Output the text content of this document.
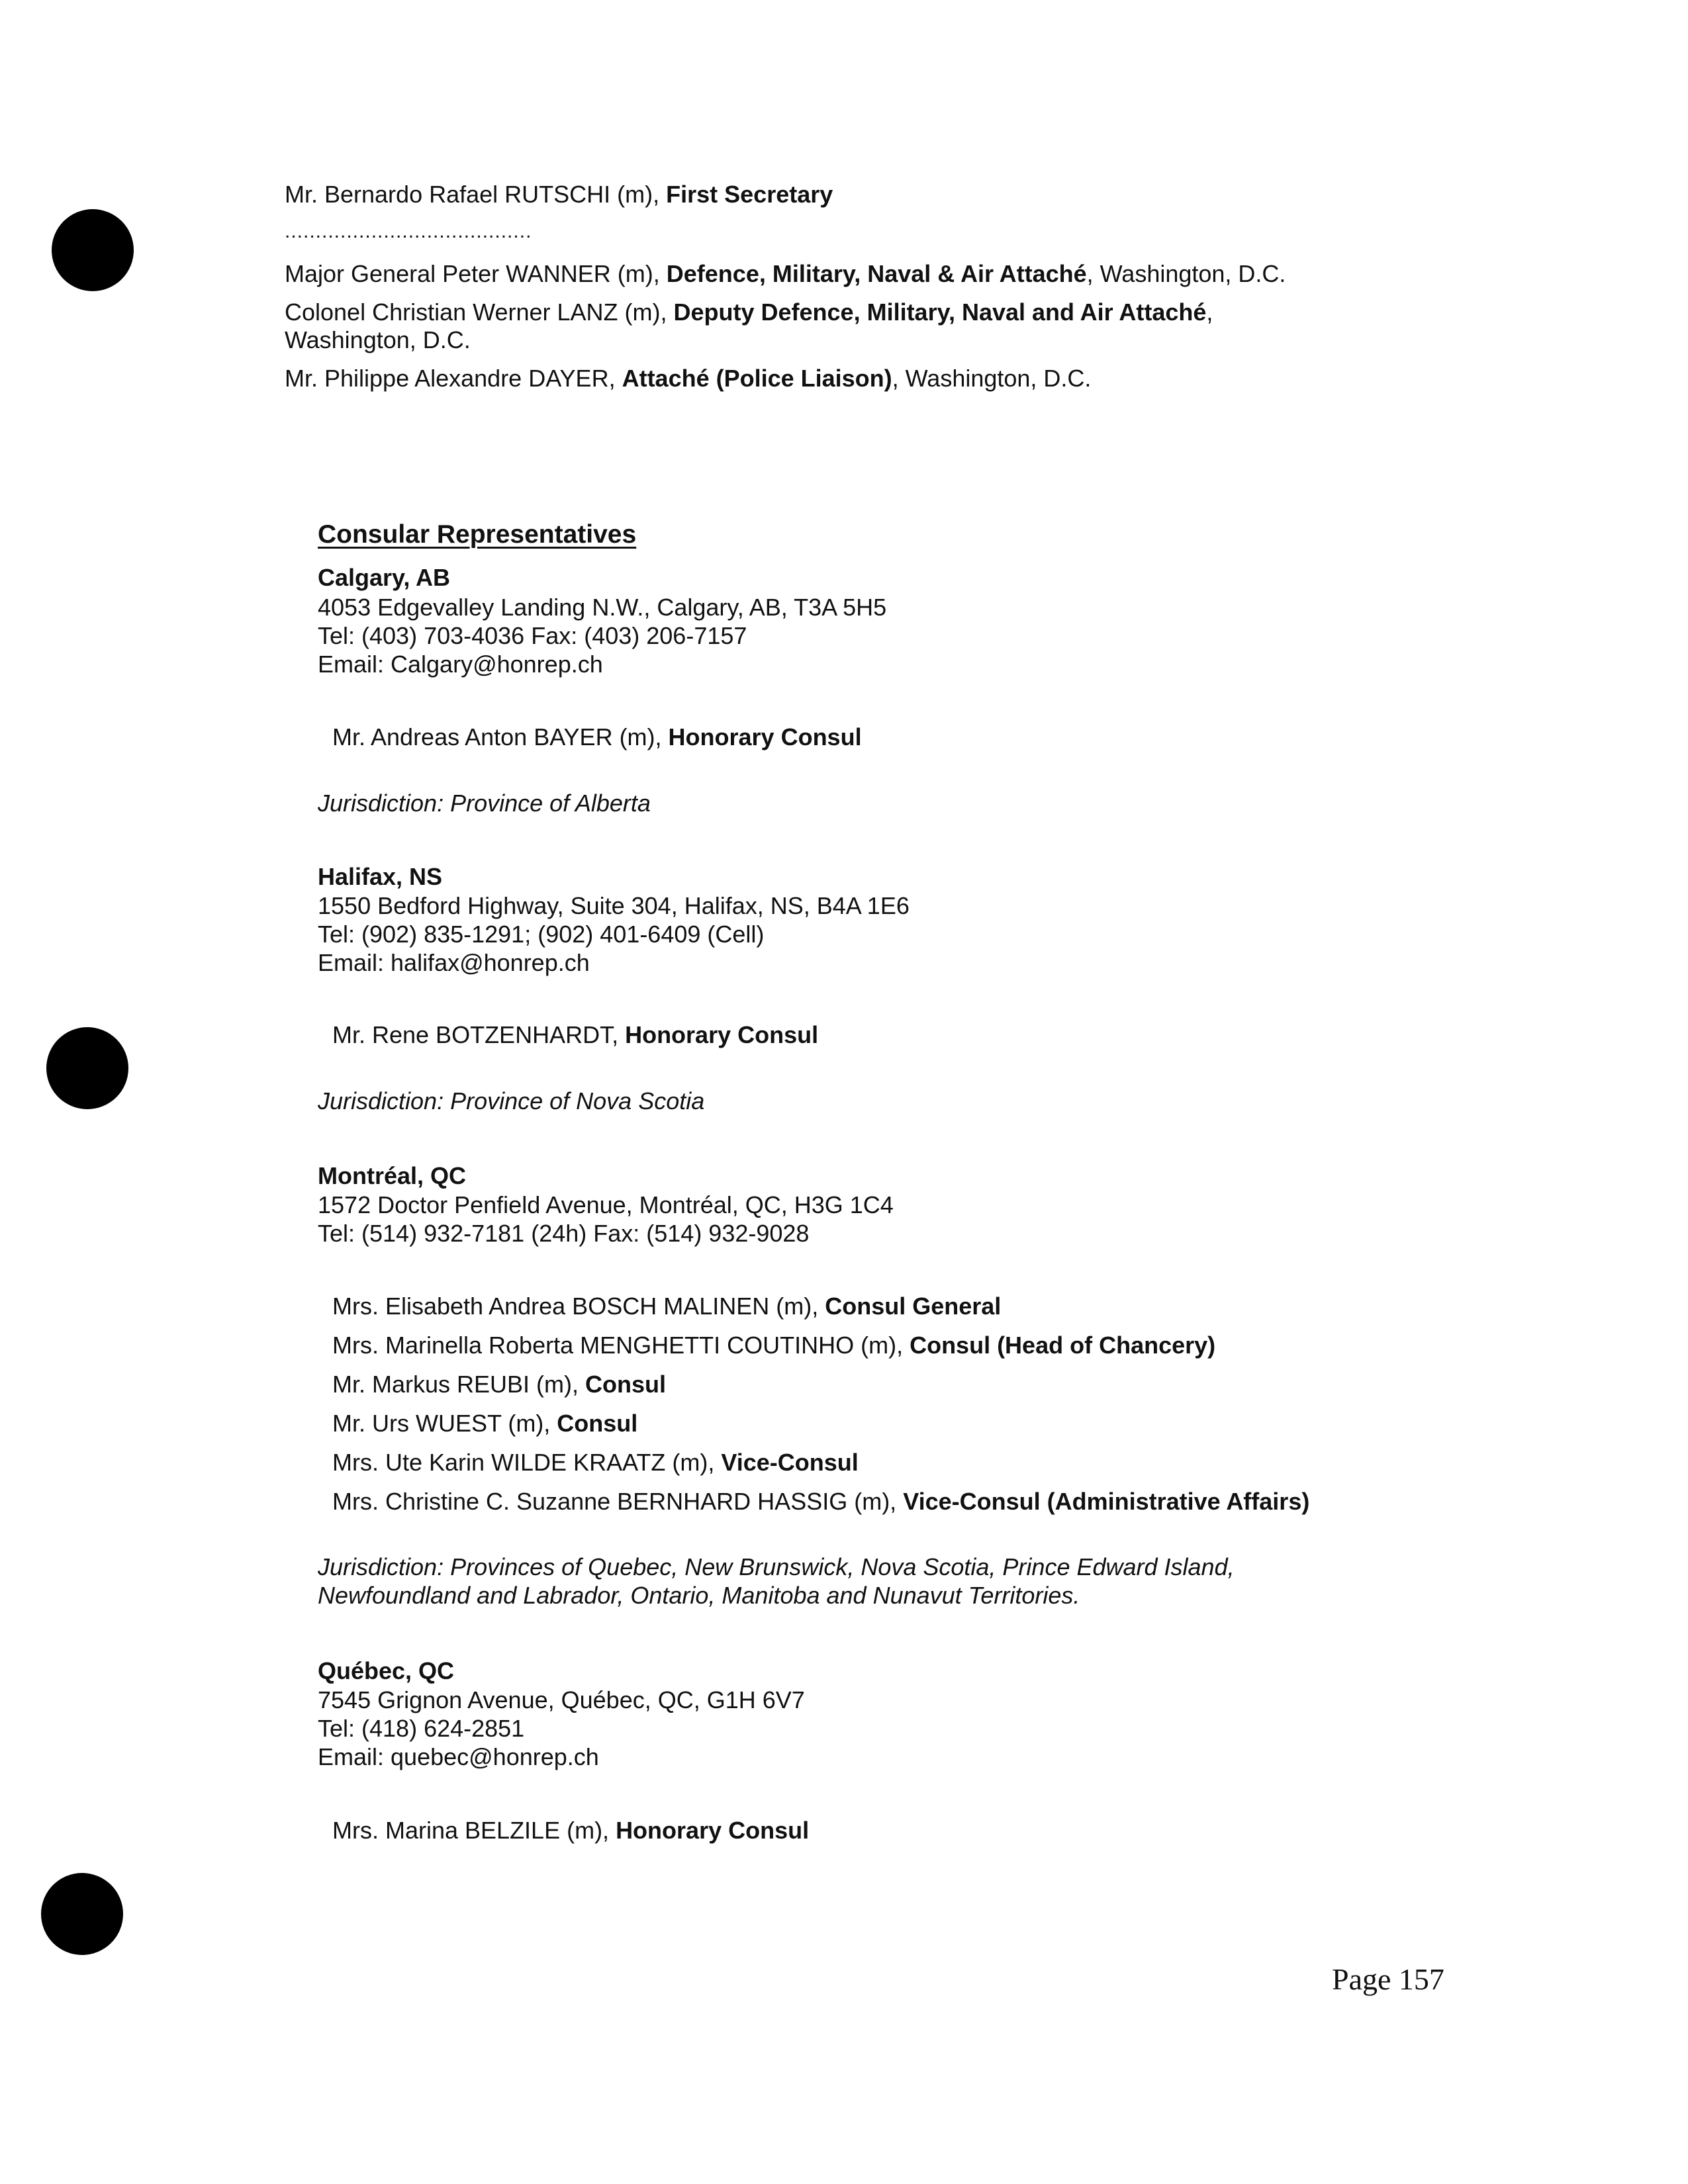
Mr. Bernardo Rafael RUTSCHI (m), First Secretary
........................................
Major General Peter WANNER (m), Defence, Military, Naval & Air Attaché, Washington, D.C.
Colonel Christian Werner LANZ (m), Deputy Defence, Military, Naval and Air Attaché,
Washington, D.C.
Mr. Philippe Alexandre DAYER, Attaché (Police Liaison), Washington, D.C.
Consular Representatives
Calgary, AB
4053 Edgevalley Landing N.W., Calgary, AB, T3A 5H5
Tel: (403) 703-4036 Fax: (403) 206-7157
Email: Calgary@honrep.ch
Mr. Andreas Anton BAYER (m), Honorary Consul
Jurisdiction: Province of Alberta
Halifax, NS
1550 Bedford Highway, Suite 304, Halifax, NS, B4A 1E6
Tel: (902) 835-1291; (902) 401-6409 (Cell)
Email: halifax@honrep.ch
Mr. Rene BOTZENHARDT, Honorary Consul
Jurisdiction: Province of Nova Scotia
Montréal, QC
1572 Doctor Penfield Avenue, Montréal, QC, H3G 1C4
Tel: (514) 932-7181 (24h) Fax: (514) 932-9028
Mrs. Elisabeth Andrea BOSCH MALINEN (m), Consul General
Mrs. Marinella Roberta MENGHETTI COUTINHO (m), Consul (Head of Chancery)
Mr. Markus REUBI (m), Consul
Mr. Urs WUEST (m), Consul
Mrs. Ute Karin WILDE KRAATZ (m), Vice-Consul
Mrs. Christine C. Suzanne BERNHARD HASSIG (m), Vice-Consul (Administrative Affairs)
Jurisdiction: Provinces of Quebec, New Brunswick, Nova Scotia, Prince Edward Island,
Newfoundland and Labrador, Ontario, Manitoba and Nunavut Territories.
Québec, QC
7545 Grignon Avenue, Québec, QC, G1H 6V7
Tel: (418) 624-2851
Email: quebec@honrep.ch
Mrs. Marina BELZILE (m), Honorary Consul
Page 157
